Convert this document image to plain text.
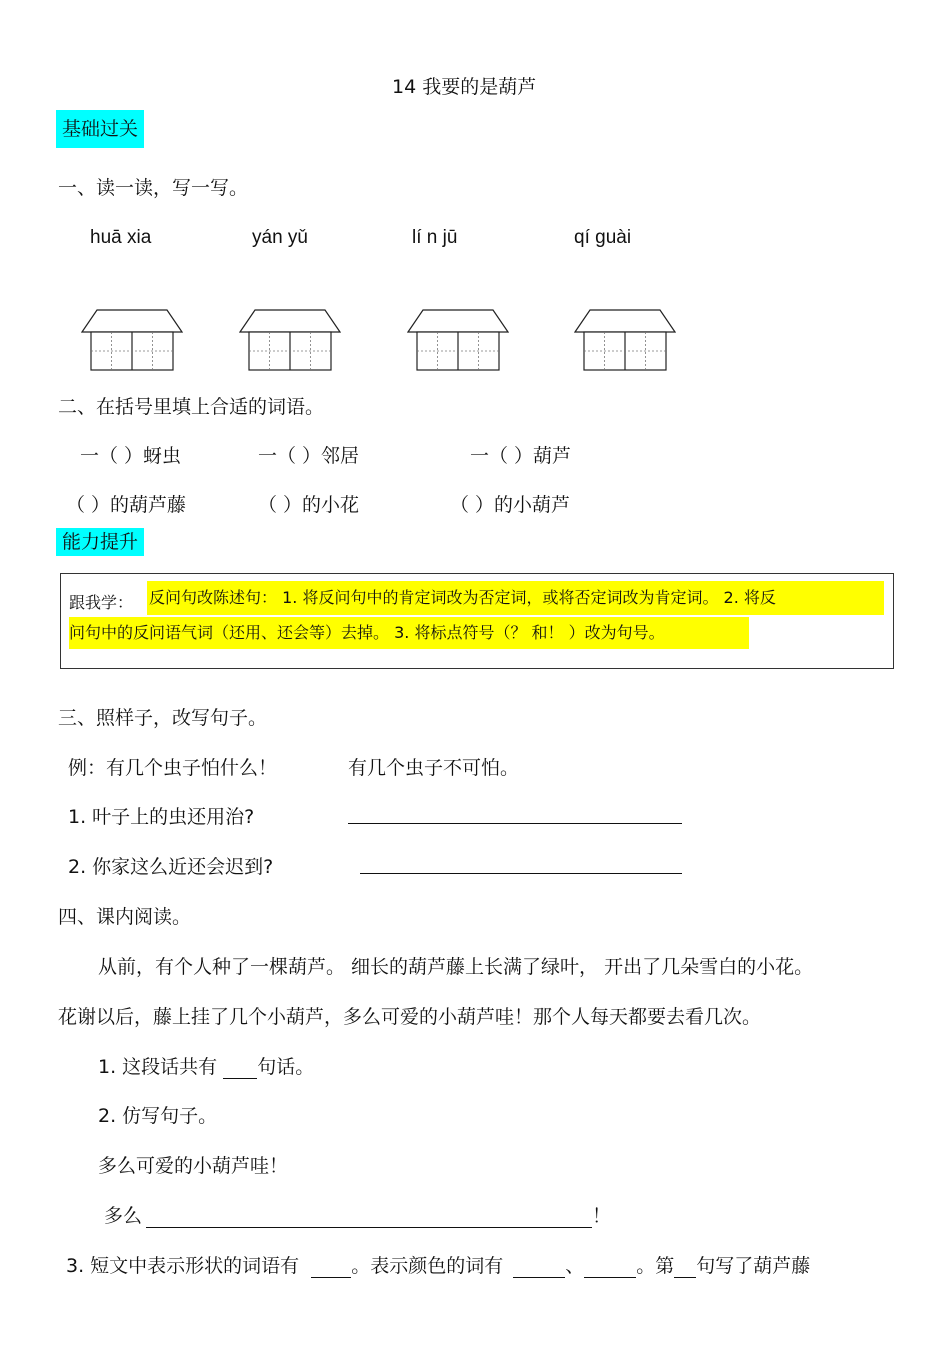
14 我要的是葫芦
基础过关
一、读一读，写一写。
huā xia	yán yǔ	lí n jū	qí guài
二、在括号里填上合适的词语。
一（ ）蚜虫	一（ ）邻居	一（ ）葫芦
（ ）的葫芦藤	（ ）的小花	（ ）的小葫芦
能力提升
跟我学： 反问句改陈述句： 1. 将反问句中的肯定词改为否定词，或将否定词改为肯定词。 2. 将反
问句中的反问语气词（还用、还会等）去掉。 3. 将标点符号（？ 和！ ）改为句号。
三、照样子，改写句子。
例：有几个虫子怕什么！	有几个虫子不可怕。
1. 叶子上的虫还用治?
2. 你家这么近还会迟到?
四、课内阅读。
从前，有个人种了一棵葫芦。 细长的葫芦藤上长满了绿叶， 开出了几朵雪白的小花。
花谢以后，藤上挂了几个小葫芦，多么可爱的小葫芦哇！那个人每天都要去看几次。
1. 这段话共有  句话。
2. 仿写句子。
多么可爱的小葫芦哇！
多么	！
3. 短文中表示形状的词语有  。表示颜色的词有	、	。第 句写了葫芦藤
